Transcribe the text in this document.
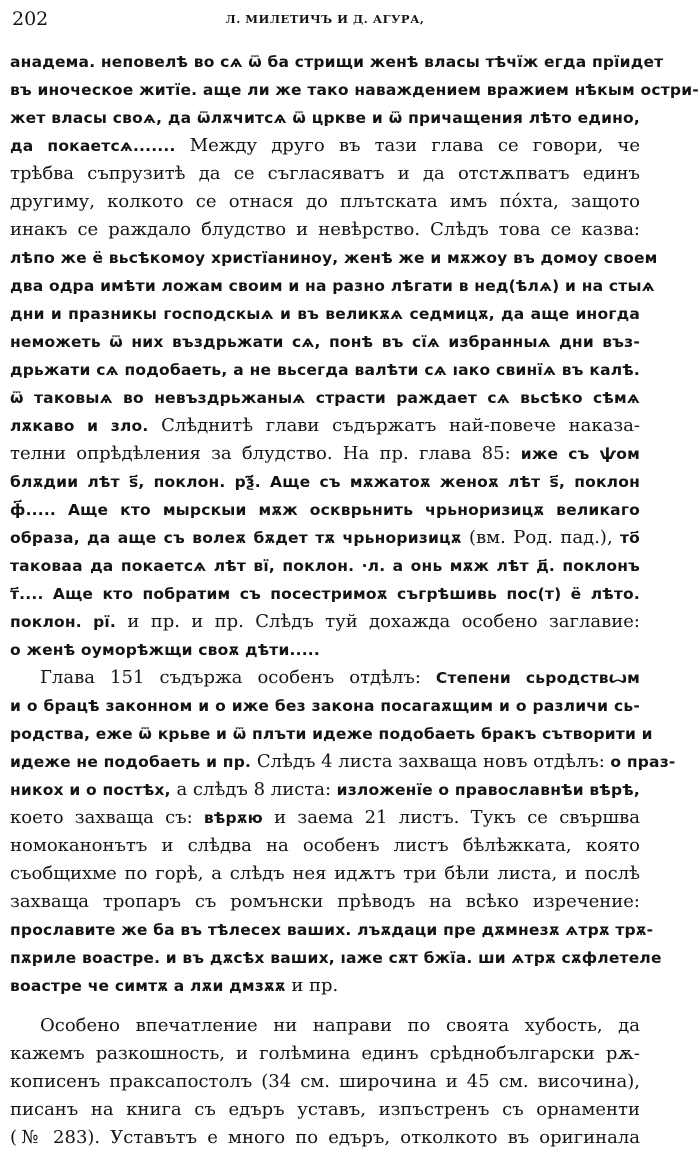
202	Л. МИЛЕТИЧЪ И Д. АГУРА,
анадема. неповелѣ во сѧ ѿ ба стрищи женѣ власы тѣчїж егда прїидет
въ иноческое житїе. аще ли же тако наваждением вражием нѣкым остри-
жет власы своѧ, да ѿлѫчитсѧ ѿ цркве и ѿ причащения лѣто едино,
да покаетсѧ....... Между друго въ тази глава се говори, че
трѣбва съпрузитѣ да се съгласяватъ и да отстѫпватъ единъ
другиму, колкото се отнася до плътската имъ пóхта, защото
инакъ се раждало блудство и невѣрство. Слѣдъ това се казва:
лѣпо же ё вьсѣкомоу христїанинoу, женѣ же и мѫжоу въ домоу своем
два одра имѣти ложам своим и на разно лѣгати в нед(ѣлѧ) и на стыѧ
дни и празникы господскыѧ и въ великѫѧ седмицѫ, да аще иногда
неможеть ѿ них въздрьжати сѧ, понѣ въ сїѧ избранныѧ дни въз-
дрьжати сѧ подобаеть, а не вьсегда валѣти сѧ ıако свинїѧ въ калѣ.
ѿ таковыѧ во невъздрьжаныѧ страсти раждает сѧ вьсѣко сѣмѧ
лѫкаво и зло. Слѣднитѣ глави съдържатъ най-повече наказа-
телни опрѣдѣления за блудство. На пр. глава 85: иже съ ѱом
блѫдии лѣт ѕ҃, поклон. рѯ҃. Аще съ мѫжатоѫ женоѫ лѣт ѕ҃, поклон
ф҃..... Аще кто мырскыи мѫж оскврьнить чрьноризицѫ великаго
образа, да аще съ волеѫ бѫдет тѫ чрьноризицѫ (вм. Род. пад.), то҃
таковаа да покаетсѧ лѣт вї, поклон. ·л. а онь мѫж лѣт д҃. поклонъ
т҃.... Аще кто побратим съ посестримоѫ съгрѣшивь пос(т) ё лѣто.
поклон. рї. и пр. и пр. Слѣдъ туй дохажда особено заглавие:
о женѣ оуморѣжщи своѫ дѣти.....
Глава 151 съдържа особенъ отдѣлъ: Степени сьродствꙍм
и о брацѣ законном и о иже без закона посагаѫщим и о различи сь-
родства, еже ѿ крьве и ѿ плъти идеже подобаеть бракъ сътворити и
идеже не подобаеть и пр. Слѣдъ 4 листа захваща новъ отдѣлъ: о праз-
никох и о постѣх, а слѣдъ 8 листа: изложенїе о православнѣи вѣрѣ,
което захваща съ: вѣрѫю и заема 21 листъ. Тукъ се свършва
номоканонътъ и слѣдва на особенъ листъ бѣлѣжката, която
съобщихме по горѣ, а слѣдъ нея идѫтъ три бѣли листа, и послѣ
захваща тропаръ съ ромънски прѣводъ на всѣко изречение:
прославите же ба въ тѣлесех ваших. лъѫдаци пре дѫмнезѫ ѧтрѫ трѫ-
пѫриле воастре. и въ дѫсѣх ваших, ıаже сѫт бжїа. ши ѧтрѫ сѫфлетеле
воастре че симтѫ а лѫи дмзѫѫ и пр.
Особено впечатление ни направи по своята хубость, да
кажемъ разкошность, и голѣмина единъ срѣднобългарски рѫ-
кописенъ праксапостолъ (34 см. широчина и 45 см. височина),
писанъ на книга съ едъръ уставъ, изпъстренъ съ орнаменти
(№ 283). Уставътъ е много по едъръ, отколкото въ оригинала
